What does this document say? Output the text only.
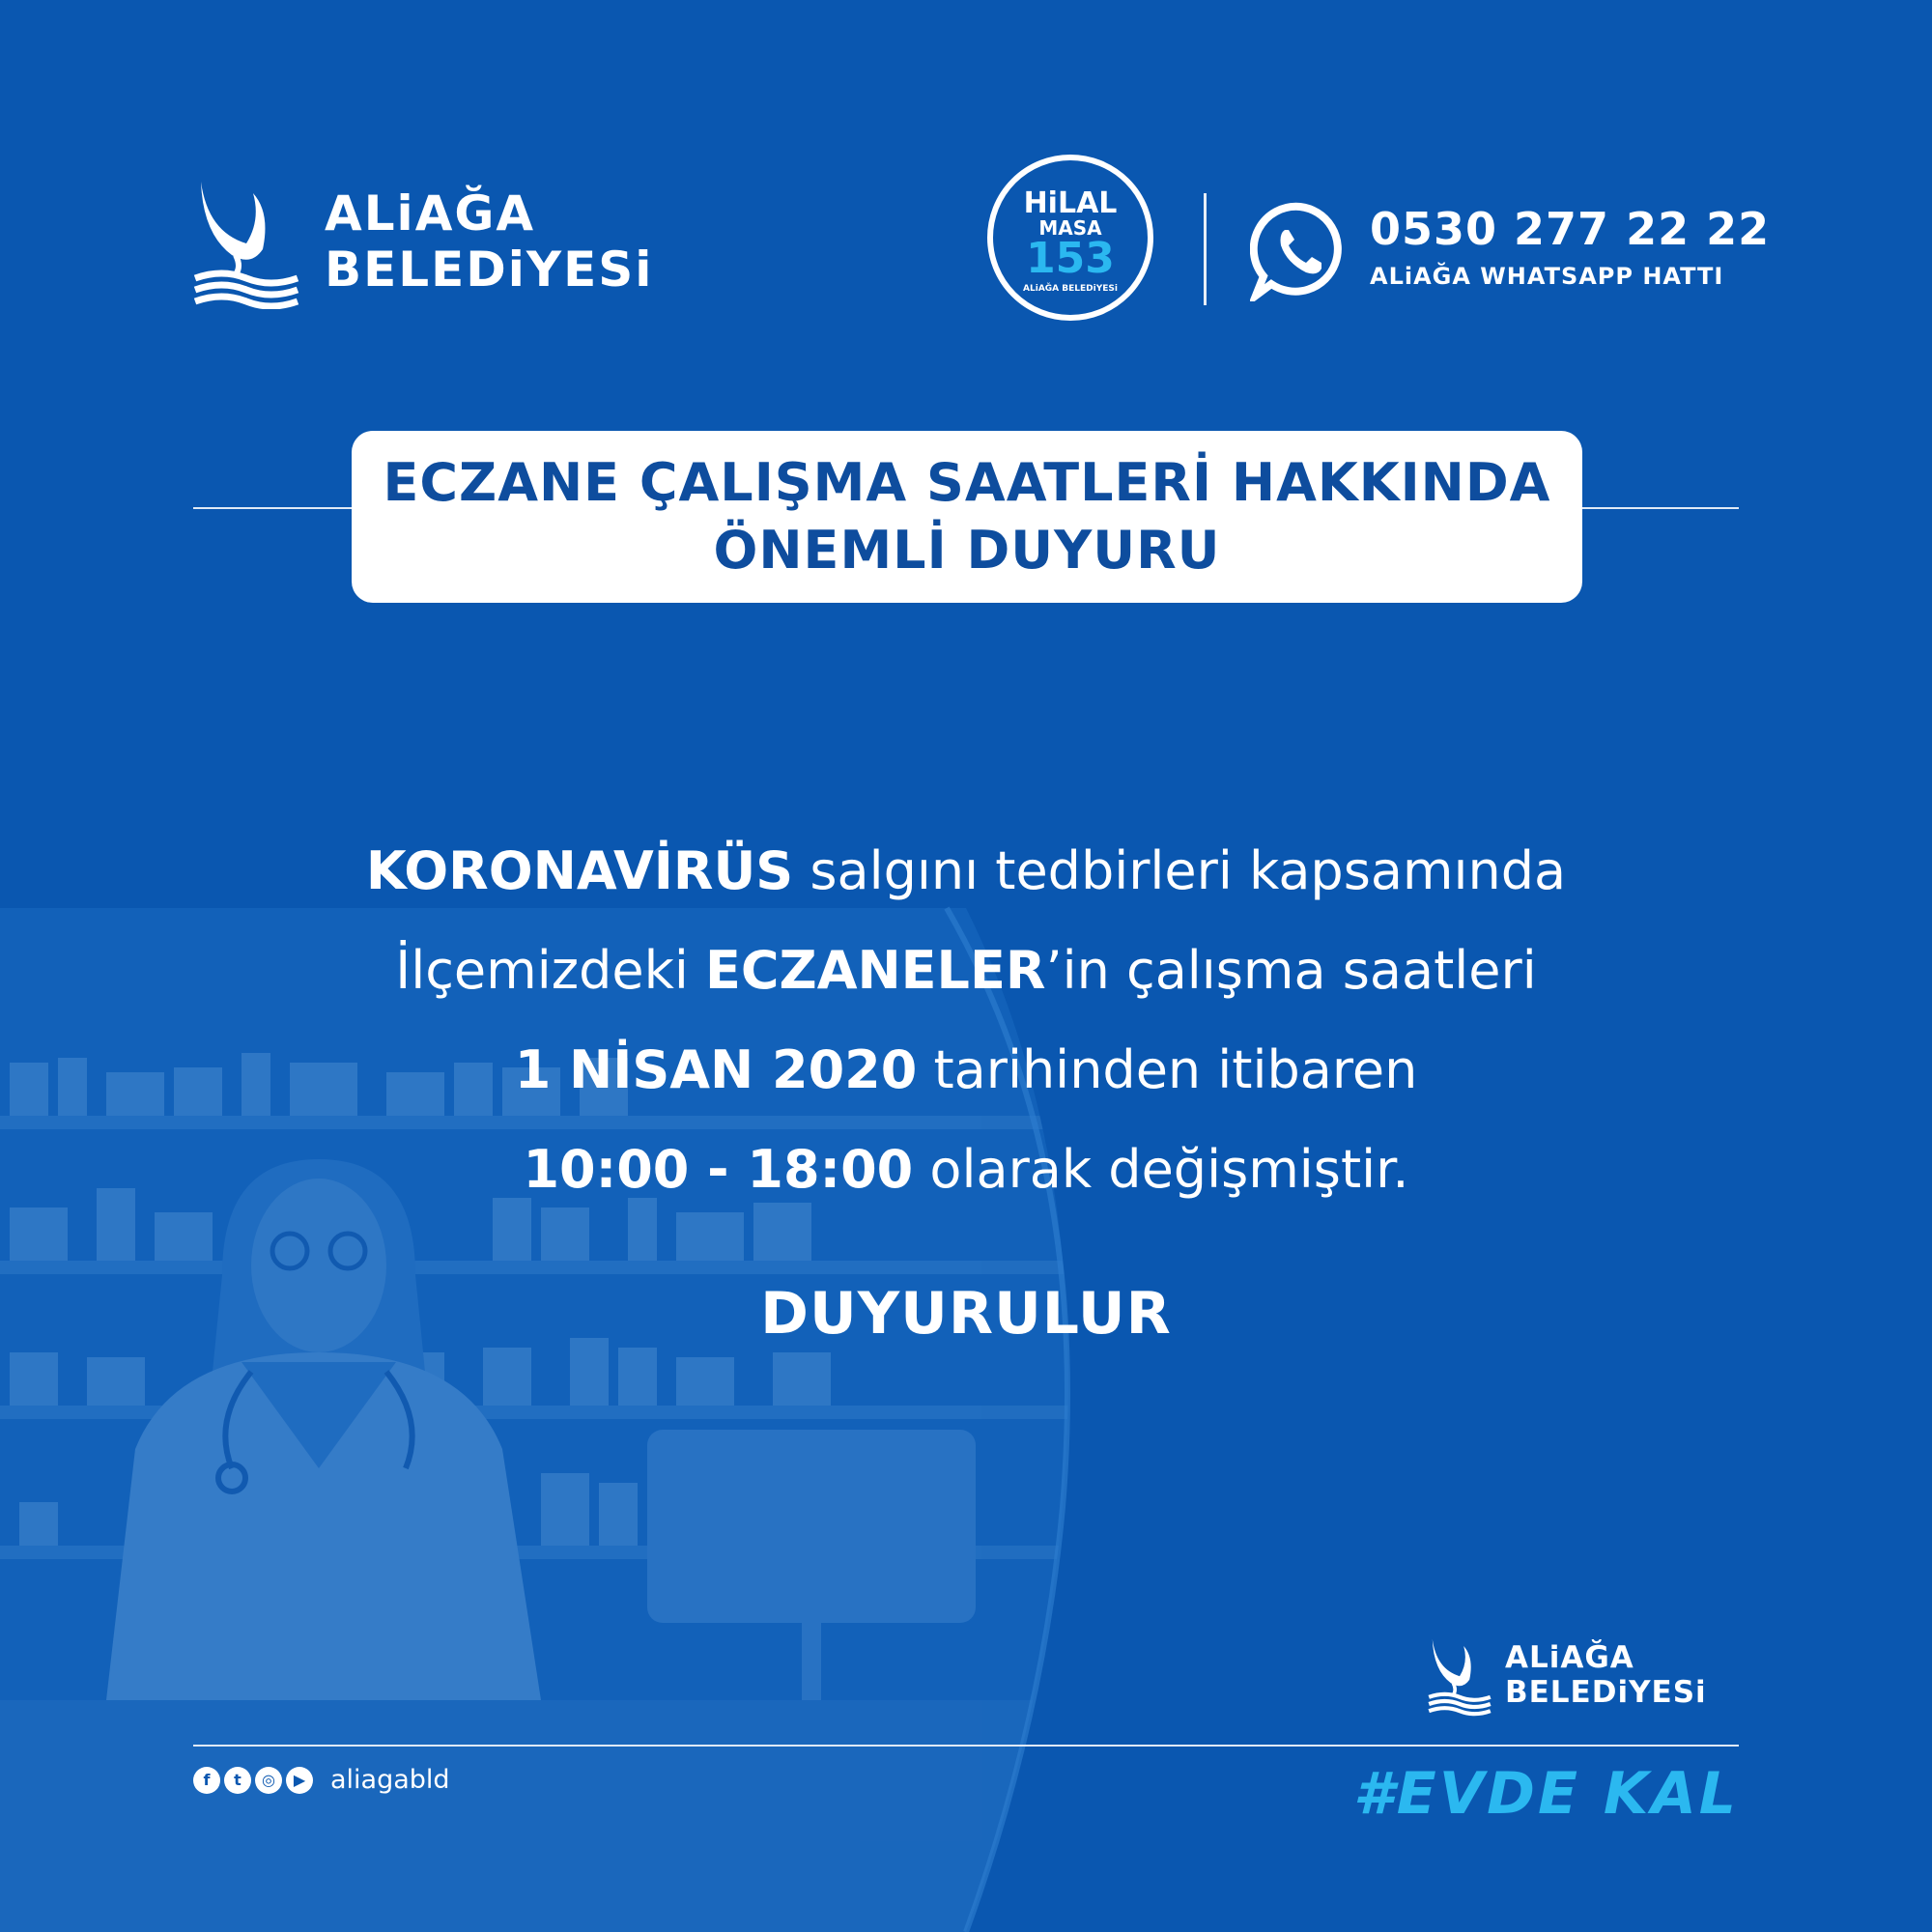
ALiAĞA
BELEDiYESi
HiLAL
MASA
153
ALiAĞA BELEDiYESi
0530 277 22 22
ALiAĞA WHATSAPP HATTI
ECZANE ÇALIŞMA SAATLERİ HAKKINDA
ÖNEMLİ DUYURU
KORONAVİRÜS salgını tedbirleri kapsamında
İlçemizdeki ECZANELER’in çalışma saatleri
1 NİSAN 2020 tarihinden itibaren
10:00 - 18:00 olarak değişmiştir.
DUYURULUR
ALiAĞA
BELEDiYESi
f	t	◎	▶ aliagabld	#EVDE KAL
